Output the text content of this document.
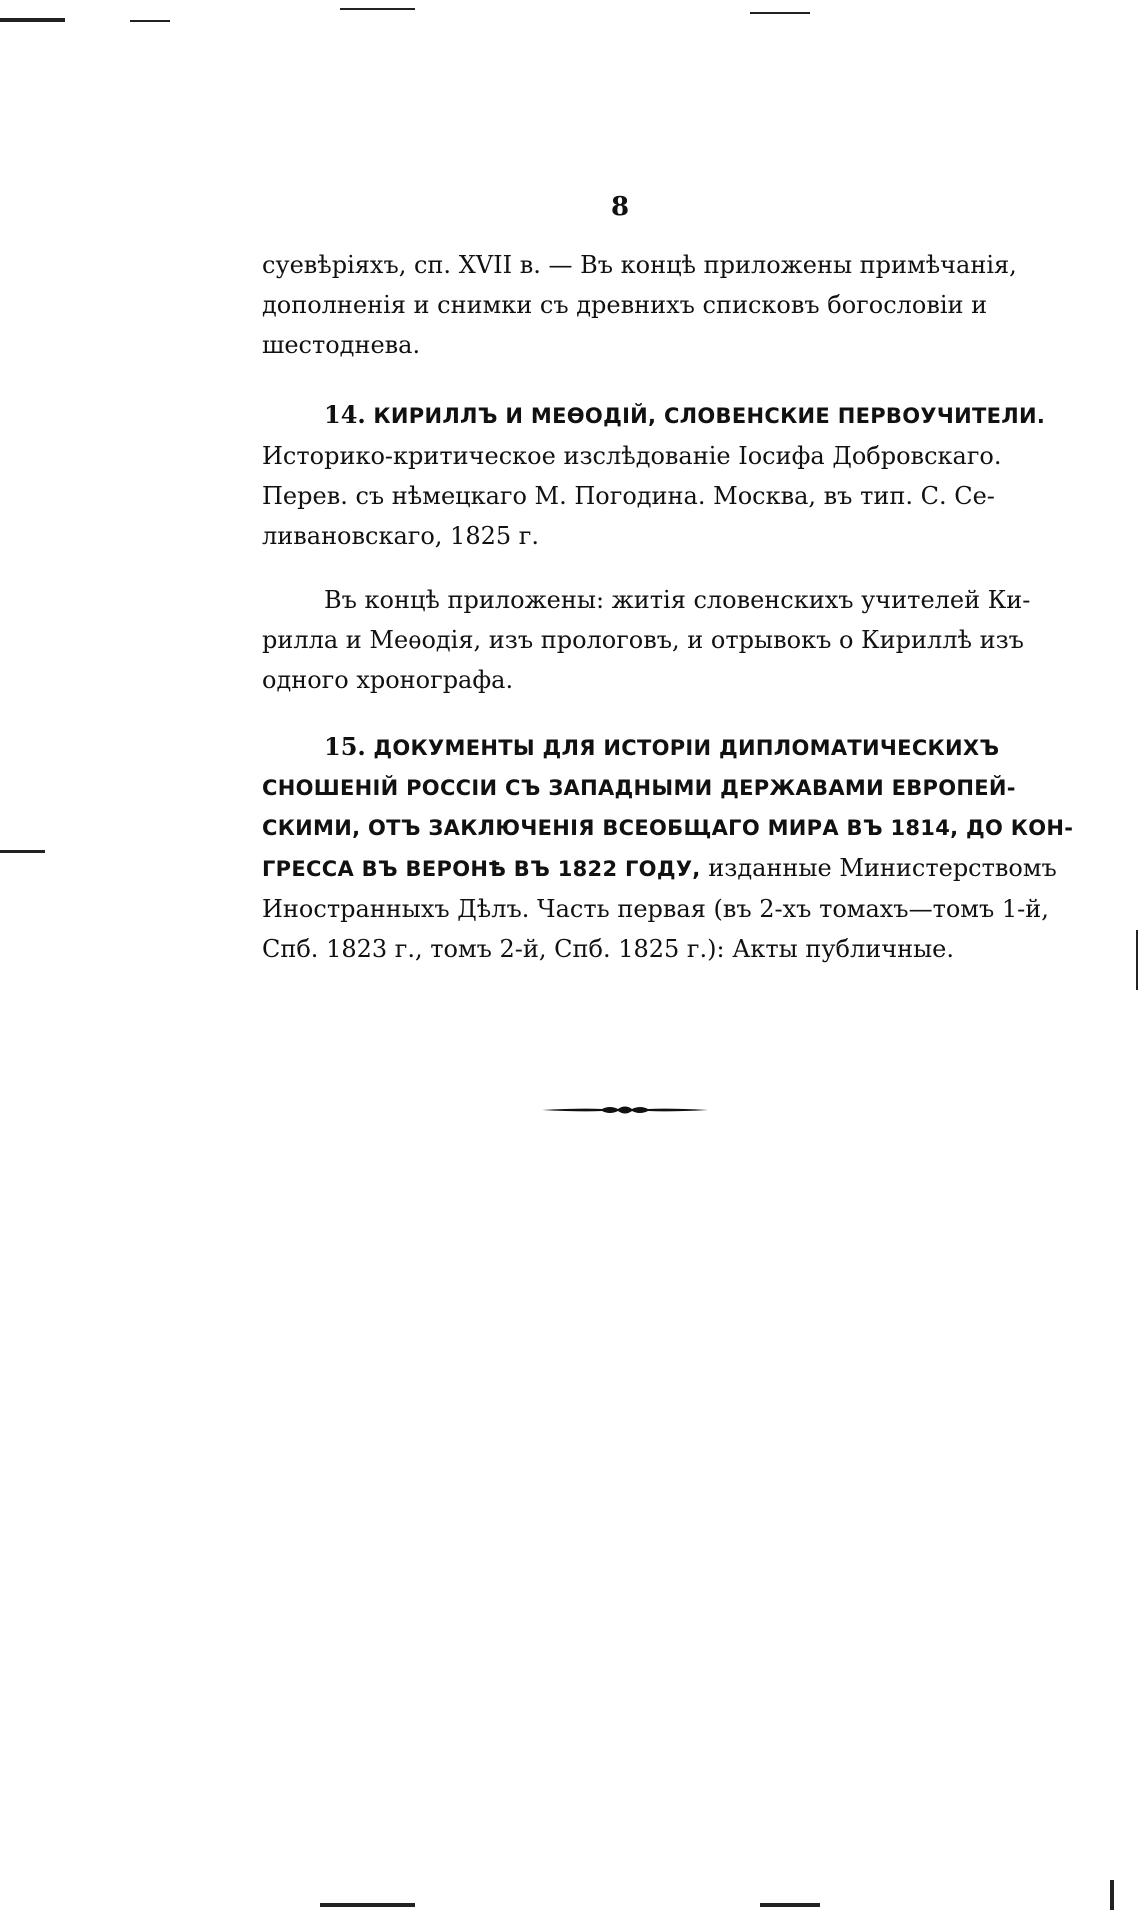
8
суевѣріяхъ, сп. XVII в. — Въ концѣ приложены примѣчанія,
дополненія и снимки съ древнихъ списковъ богословіи и
шестоднева.
14. КИРИЛЛЪ И МЕѲОДІЙ, СЛОВЕНСКИЕ ПЕРВОУЧИТЕЛИ.
Историко-критическое изслѣдованіе Іосифа Добровскаго.
Перев. съ нѣмецкаго М. Погодина. Москва, въ тип. С. Се-
ливановскаго, 1825 г.
Въ концѣ приложены: житія словенскихъ учителей Ки-
рилла и Меѳодія, изъ прологовъ, и отрывокъ о Кириллѣ изъ
одного хронографа.
15. ДОКУМЕНТЫ ДЛЯ ИСТОРІИ ДИПЛОМАТИЧЕСКИХЪ
СНОШЕНІЙ РОССІИ СЪ ЗАПАДНЫМИ ДЕРЖАВАМИ ЕВРОПЕЙ-
СКИМИ, ОТЪ ЗАКЛЮЧЕНІЯ ВСЕОБЩАГО МИРА ВЪ 1814, ДО КОН-
ГРЕССА ВЪ ВЕРОНѢ ВЪ 1822 ГОДУ, изданные Министерствомъ
Иностранныхъ Дѣлъ. Часть первая (въ 2-хъ томахъ—томъ 1-й,
Спб. 1823 г., томъ 2-й, Спб. 1825 г.): Акты публичные.
